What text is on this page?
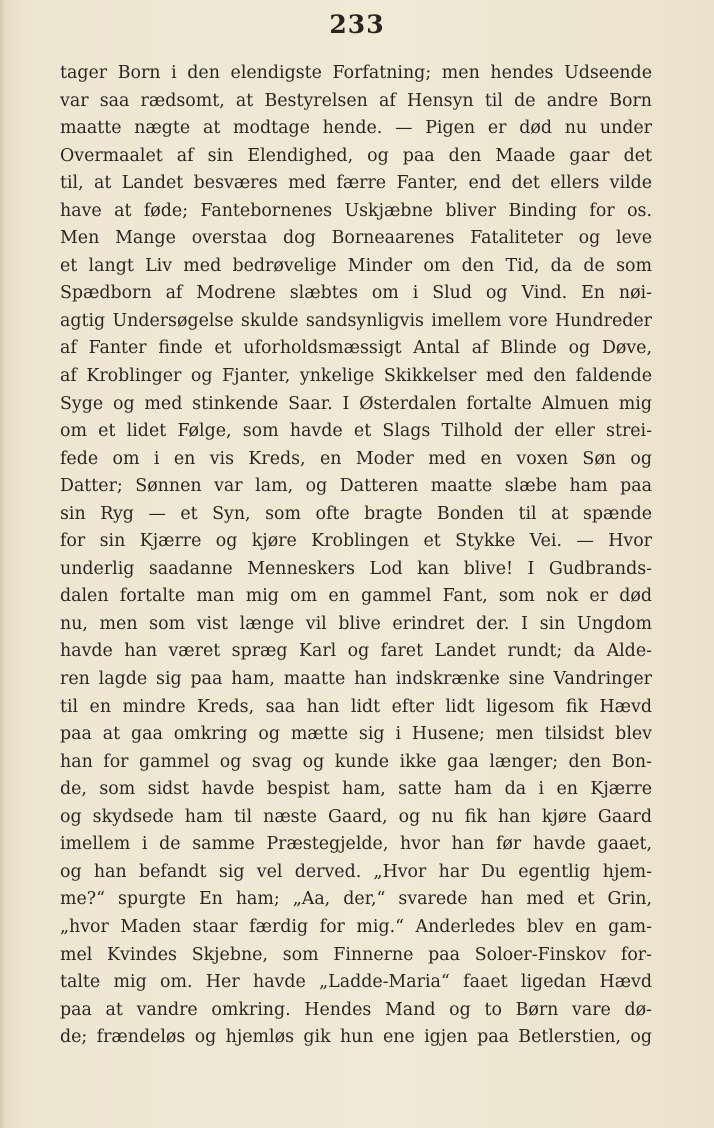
233
tager Born i den elendigste Forfatning; men hendes Udseende
var saa rædsomt, at Bestyrelsen af Hensyn til de andre Born
maatte nægte at modtage hende. — Pigen er død nu under
Overmaalet af sin Elendighed, og paa den Maade gaar det
til, at Landet besværes med færre Fanter, end det ellers vilde
have at føde; Fantebornenes Uskjæbne bliver Binding for os.
Men Mange overstaa dog Borneaarenes Fataliteter og leve
et langt Liv med bedrøvelige Minder om den Tid, da de som
Spædborn af Modrene slæbtes om i Slud og Vind. En nøi-
agtig Undersøgelse skulde sandsynligvis imellem vore Hundreder
af Fanter finde et uforholdsmæssigt Antal af Blinde og Døve,
af Kroblinger og Fjanter, ynkelige Skikkelser med den faldende
Syge og med stinkende Saar. I Østerdalen fortalte Almuen mig
om et lidet Følge, som havde et Slags Tilhold der eller strei-
fede om i en vis Kreds, en Moder med en voxen Søn og
Datter; Sønnen var lam, og Datteren maatte slæbe ham paa
sin Ryg — et Syn, som ofte bragte Bonden til at spænde
for sin Kjærre og kjøre Kroblingen et Stykke Vei. — Hvor
underlig saadanne Menneskers Lod kan blive! I Gudbrands-
dalen fortalte man mig om en gammel Fant, som nok er død
nu, men som vist længe vil blive erindret der. I sin Ungdom
havde han været spræg Karl og faret Landet rundt; da Alde-
ren lagde sig paa ham, maatte han indskrænke sine Vandringer
til en mindre Kreds, saa han lidt efter lidt ligesom fik Hævd
paa at gaa omkring og mætte sig i Husene; men tilsidst blev
han for gammel og svag og kunde ikke gaa længer; den Bon-
de, som sidst havde bespist ham, satte ham da i en Kjærre
og skydsede ham til næste Gaard, og nu fik han kjøre Gaard
imellem i de samme Præstegjelde, hvor han før havde gaaet,
og han befandt sig vel derved. „Hvor har Du egentlig hjem-
me?“ spurgte En ham; „Aa, der,“ svarede han med et Grin,
„hvor Maden staar færdig for mig.“ Anderledes blev en gam-
mel Kvindes Skjebne, som Finnerne paa Soloer-Finskov for-
talte mig om. Her havde „Ladde-Maria“ faaet ligedan Hævd
paa at vandre omkring. Hendes Mand og to Børn vare dø-
de; frændeløs og hjemløs gik hun ene igjen paa Betlerstien, og
